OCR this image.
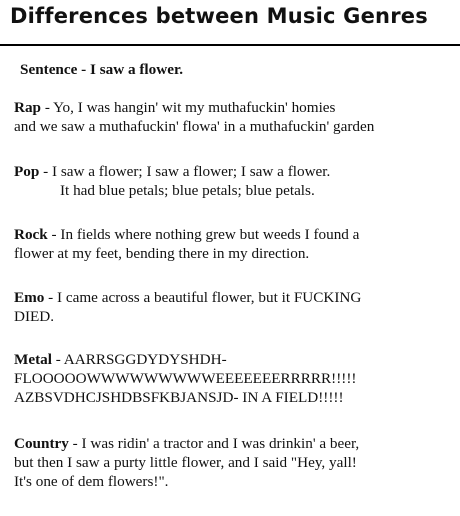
Differences between Music Genres
Sentence - I saw a flower.
Rap - Yo, I was hangin' wit my muthafuckin' homies
and we saw a muthafuckin' flowa' in a muthafuckin' garden
Pop - I saw a flower; I saw a flower; I saw a flower.
It had blue petals; blue petals; blue petals.
Rock - In fields where nothing grew but weeds I found a
flower at my feet, bending there in my direction.
Emo - I came across a beautiful flower, but it FUCKING
DIED.
Metal - AARRSGGDYDYSHDH-
FLOOOOOWWWWWWWWWEEEEEEERRRRR!!!!!
AZBSVDHCJSHDBSFKBJANSJD- IN A FIELD!!!!!
Country - I was ridin' a tractor and I was drinkin' a beer,
but then I saw a purty little flower, and I said "Hey, yall!
It's one of dem flowers!".
